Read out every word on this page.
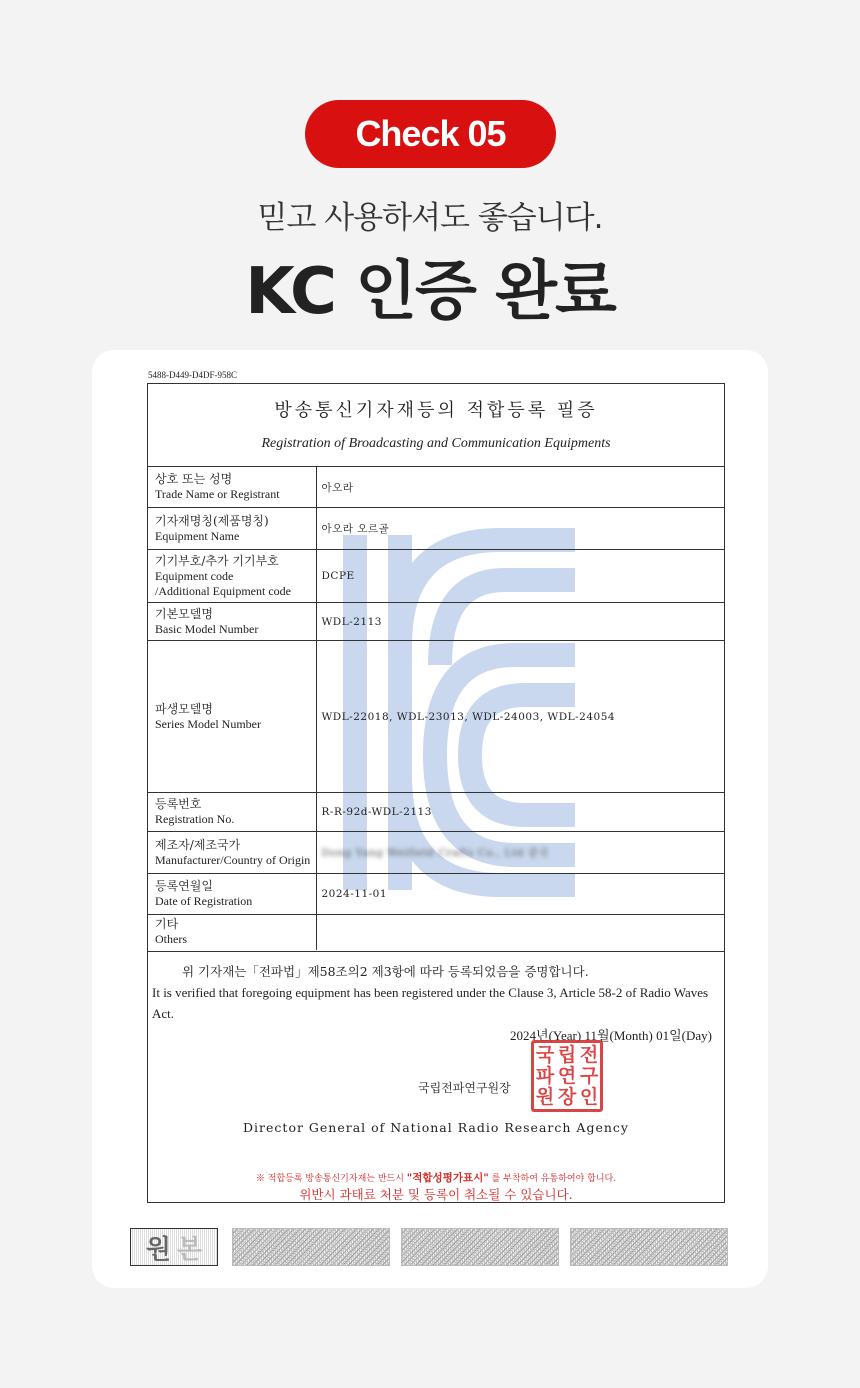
Check 05
믿고 사용하셔도 좋습니다.
KC 인증 완료
5488-D449-D4DF-958C
방송통신기자재등의 적합등록 필증
Registration of Broadcasting and Communication Equipments
상호 또는 성명
Trade Name or Registrant	아오라

기자재명칭(제품명칭)
Equipment Name	아오라 오르골

기기부호/추가 기기부호
Equipment code
/Additional Equipment code	DCPE

기본모델명
Basic Model Number	WDL-2113

파생모델명
Series Model Number	WDL-22018, WDL-23013, WDL-24003, WDL-24054

등록번호
Registration No.	R-R-92d-WDL-2113

제조자/제조국가
Manufacturer/Country of Origin	Dong Yang Weifield Crafts Co., Ltd 중국

등록연월일
Date of Registration	2024-11-01

기타
Others	

위 기자재는「전파법」제58조의2 제3항에 따라 등록되었음을 증명합니다.
It is verified that foregoing equipment has been registered under the Clause 3, Article 58-2 of Radio Waves Act.
2024년(Year) 11월(Month) 01일(Day)
국립전파연구원장
국 립 전
파 연 구
원 장 인
Director General of National Radio Research Agency
※ 적합등록 방송통신기자재는 반드시 "적합성평가표시" 를 부착하여 유통하여야 합니다.
위반시 과태료 처분 및 등록이 취소될 수 있습니다.
원 본
